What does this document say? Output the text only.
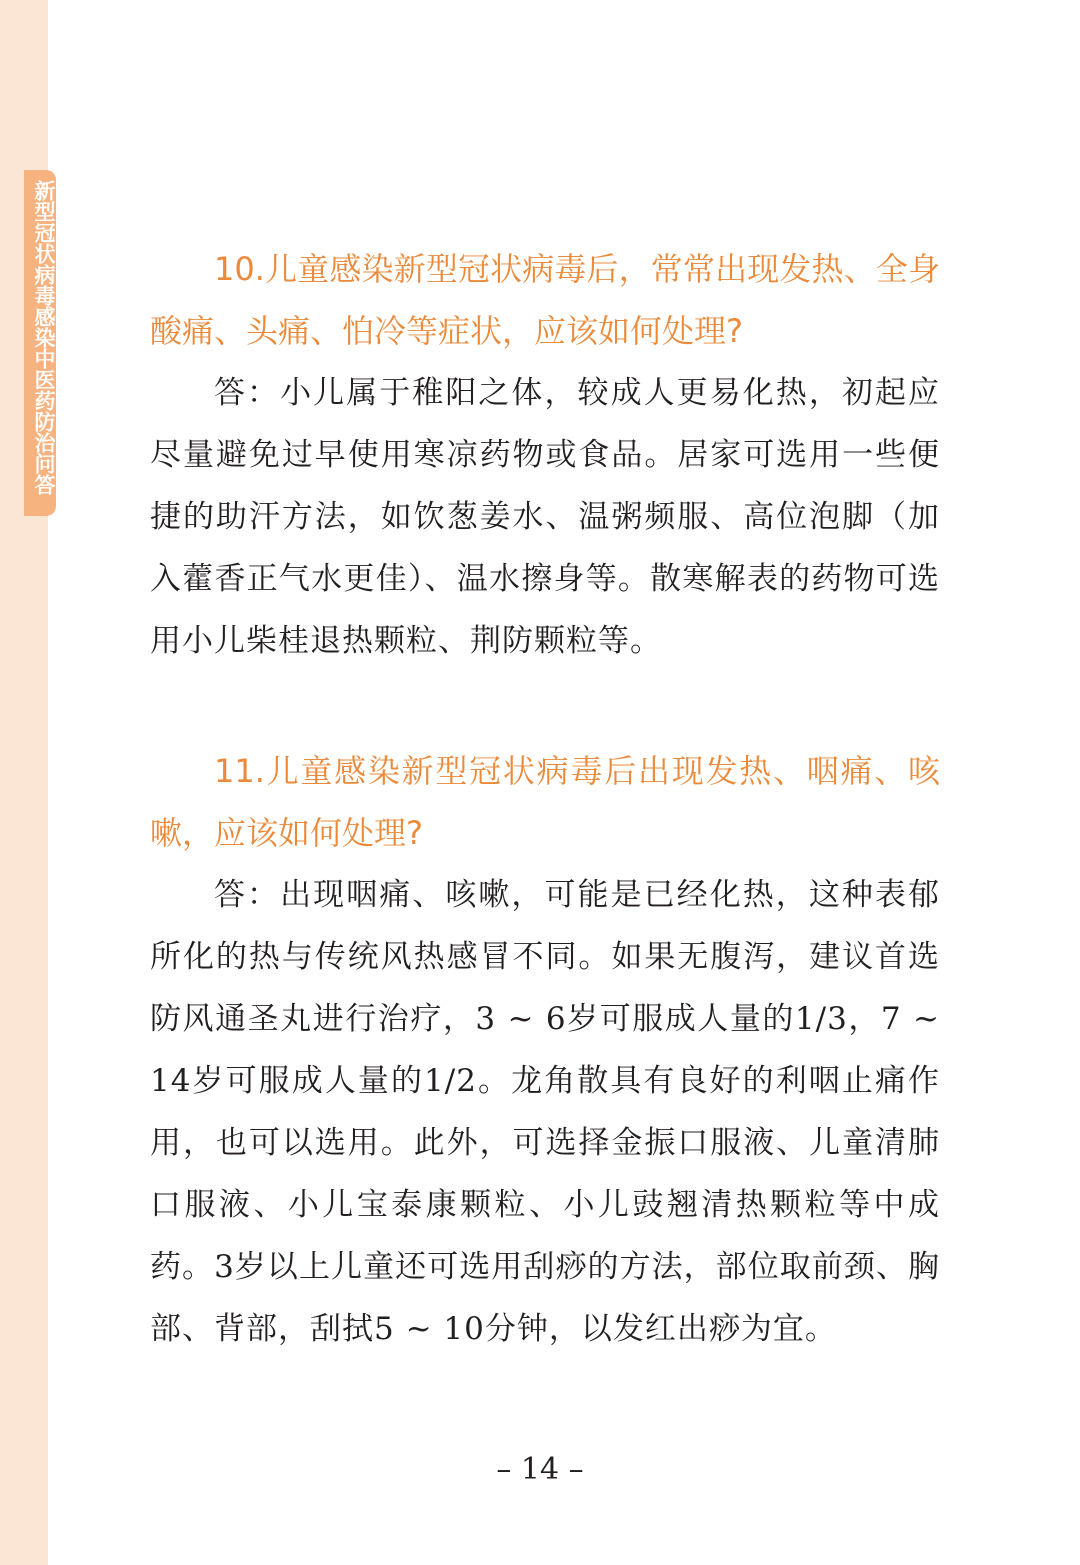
新型冠状病毒感染中医药防治问答	10.儿童感染新型冠状病毒后，常常出现发热、全身酸痛、头痛、怕冷等症状，应该如何处理?

答：小儿属于稚阳之体，较成人更易化热，初起应尽量避免过早使用寒凉药物或食品。居家可选用一些便捷的助汗方法，如饮葱姜水、温粥频服、高位泡脚（加入藿香正气水更佳）、温水擦身等。散寒解表的药物可选用小儿柴桂退热颗粒、荆防颗粒等。

11.儿童感染新型冠状病毒后出现发热、咽痛、咳嗽，应该如何处理?

答：出现咽痛、咳嗽，可能是已经化热，这种表郁所化的热与传统风热感冒不同。如果无腹泻，建议首选防风通圣丸进行治疗，3 ~ 6岁可服成人量的1/3，7 ~ 14岁可服成人量的1/2。龙角散具有良好的利咽止痛作用，也可以选用。此外，可选择金振口服液、儿童清肺口服液、小儿宝泰康颗粒、小儿豉翘清热颗粒等中成药。3岁以上儿童还可选用刮痧的方法，部位取前颈、胸部、背部，刮拭5 ~ 10分钟，以发红出痧为宜。

– 14 –
